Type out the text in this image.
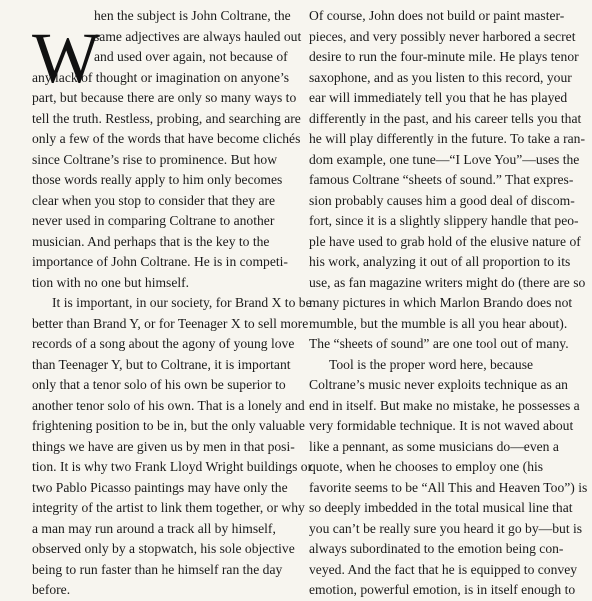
W
hen the subject is John Coltrane, the
same adjectives are always hauled out
and used over again, not because of
any lack of thought or imagination on anyone’s
part, but because there are only so many ways to
tell the truth. Restless, probing, and searching are
only a few of the words that have become clichés
since Coltrane’s rise to prominence. But how
those words really apply to him only becomes
clear when you stop to consider that they are
never used in comparing Coltrane to another
musician. And perhaps that is the key to the
importance of John Coltrane. He is in competi-
tion with no one but himself.
It is important, in our society, for Brand X to be
better than Brand Y, or for Teenager X to sell more
records of a song about the agony of young love
than Teenager Y, but to Coltrane, it is important
only that a tenor solo of his own be superior to
another tenor solo of his own. That is a lonely and
frightening position to be in, but the only valuable
things we have are given us by men in that posi-
tion. It is why two Frank Lloyd Wright buildings or
two Pablo Picasso paintings may have only the
integrity of the artist to link them together, or why
a man may run around a track all by himself,
observed only by a stopwatch, his sole objective
being to run faster than he himself ran the day
before.
Of course, John does not build or paint master-
pieces, and very possibly never harbored a secret
desire to run the four-minute mile. He plays tenor
saxophone, and as you listen to this record, your
ear will immediately tell you that he has played
differently in the past, and his career tells you that
he will play differently in the future. To take a ran-
dom example, one tune—“I Love You”—uses the
famous Coltrane “sheets of sound.” That expres-
sion probably causes him a good deal of discom-
fort, since it is a slightly slippery handle that peo-
ple have used to grab hold of the elusive nature of
his work, analyzing it out of all proportion to its
use, as fan magazine writers might do (there are so
many pictures in which Marlon Brando does not
mumble, but the mumble is all you hear about).
The “sheets of sound” are one tool out of many.
Tool is the proper word here, because
Coltrane’s music never exploits technique as an
end in itself. But make no mistake, he possesses a
very formidable technique. It is not waved about
like a pennant, as some musicians do—even a
quote, when he chooses to employ one (his
favorite seems to be “All This and Heaven Too”) is
so deeply imbedded in the total musical line that
you can’t be really sure you heard it go by—but is
always subordinated to the emotion being con-
veyed. And the fact that he is equipped to convey
emotion, powerful emotion, is in itself enough to
